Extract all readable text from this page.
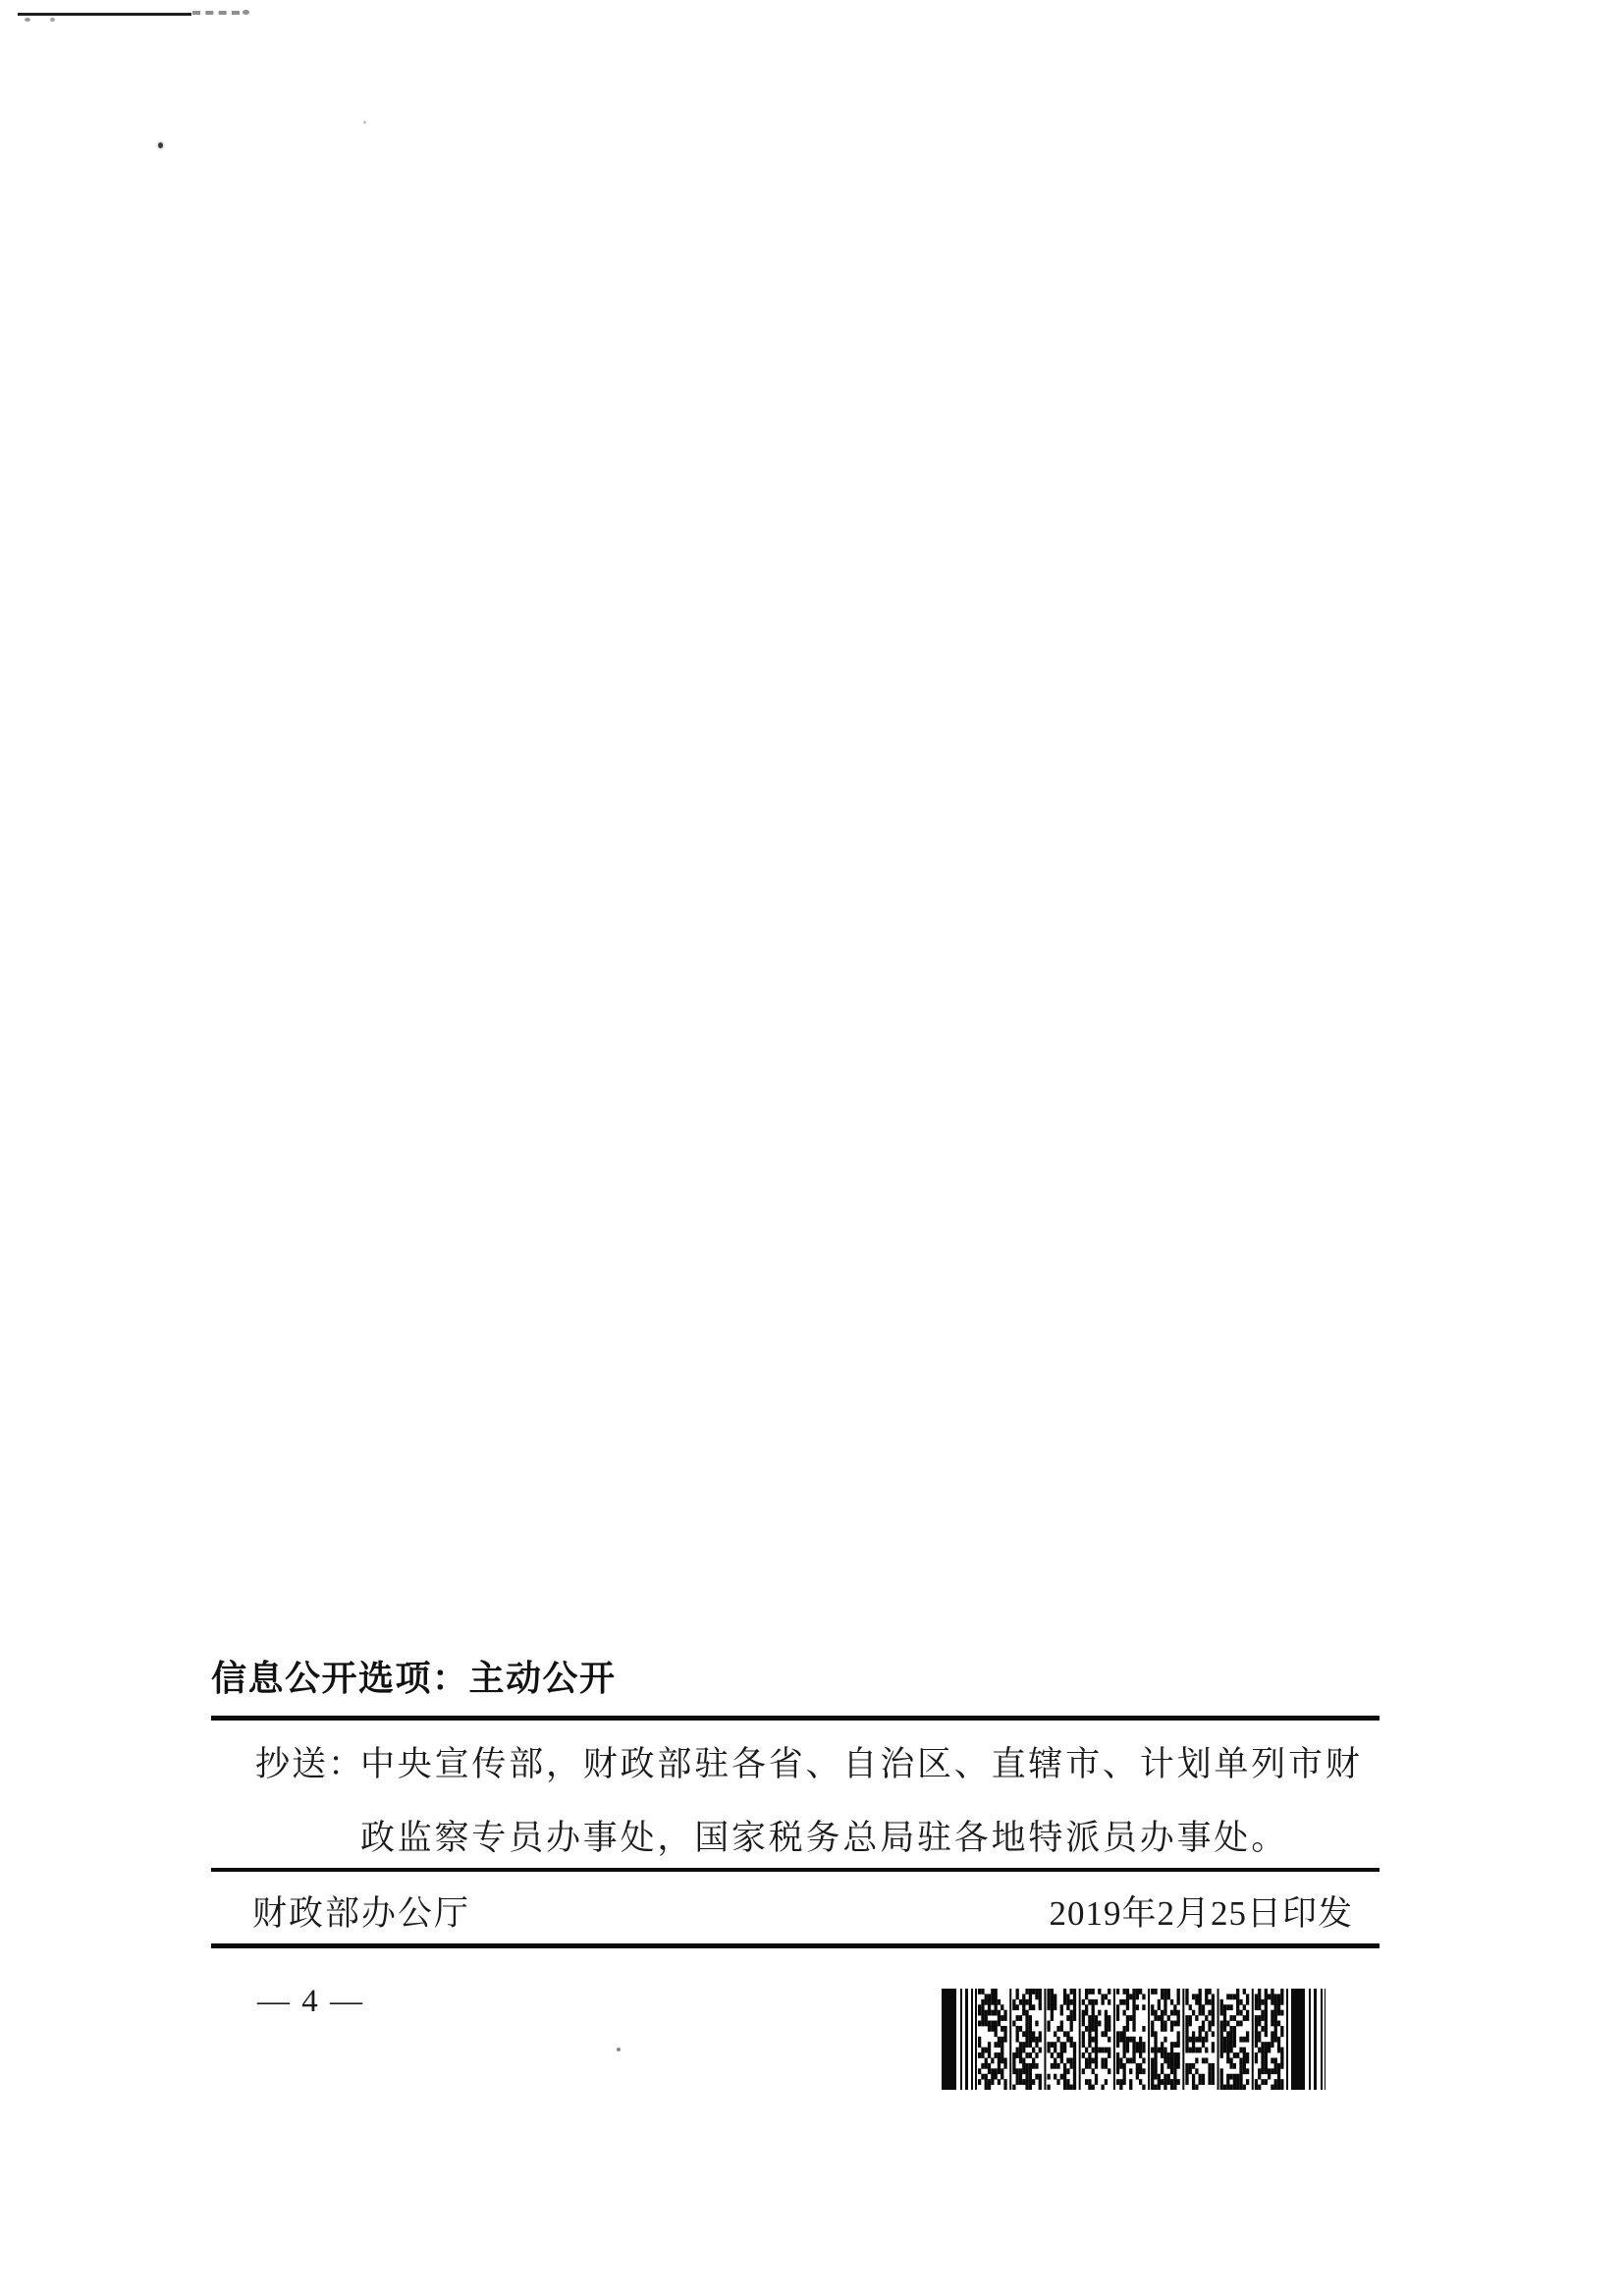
信息公开选项：主动公开
抄送：
中央宣传部，财政部驻各省、自治区、直辖市、计划单列市财
政监察专员办事处，国家税务总局驻各地特派员办事处。
财政部办公厅	2019年2月25日印发
— 4 —
